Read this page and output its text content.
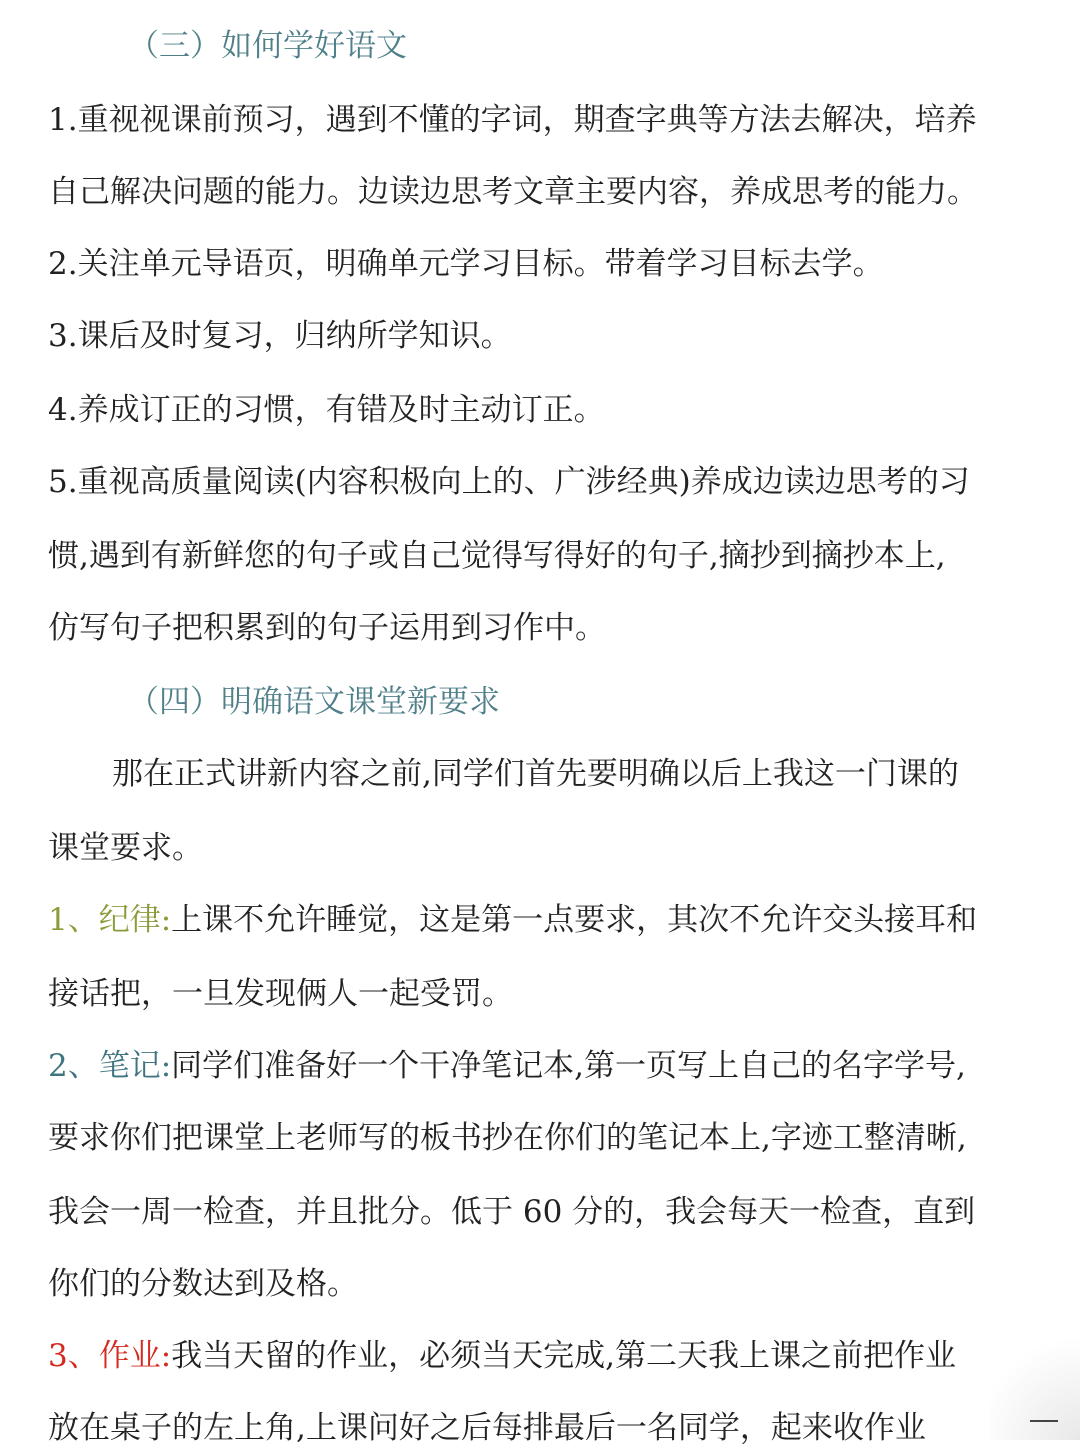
（三）如何学好语文
1.重视视课前预习，遇到不懂的字词，期查字典等方法去解决，培养
自己解决问题的能力。边读边思考文章主要内容，养成思考的能力。
2.关注单元导语页，明确单元学习目标。带着学习目标去学。
3.课后及时复习，归纳所学知识。
4.养成订正的习惯，有错及时主动订正。
5.重视高质量阅读(内容积极向上的、广涉经典)养成边读边思考的习
惯,遇到有新鲜您的句子或自己觉得写得好的句子,摘抄到摘抄本上,
仿写句子把积累到的句子运用到习作中。
（四）明确语文课堂新要求
那在正式讲新内容之前,同学们首先要明确以后上我这一门课的
课堂要求。
1、纪律:上课不允许睡觉，这是第一点要求，其次不允许交头接耳和
接话把，一旦发现俩人一起受罚。
2、笔记:同学们准备好一个干净笔记本,第一页写上自己的名字学号,
要求你们把课堂上老师写的板书抄在你们的笔记本上,字迹工整清晰,
我会一周一检查，并且批分。低于 60 分的，我会每天一检查，直到
你们的分数达到及格。
3、作业:我当天留的作业，必须当天完成,第二天我上课之前把作业
放在桌子的左上角,上课问好之后每排最后一名同学，起来收作业
